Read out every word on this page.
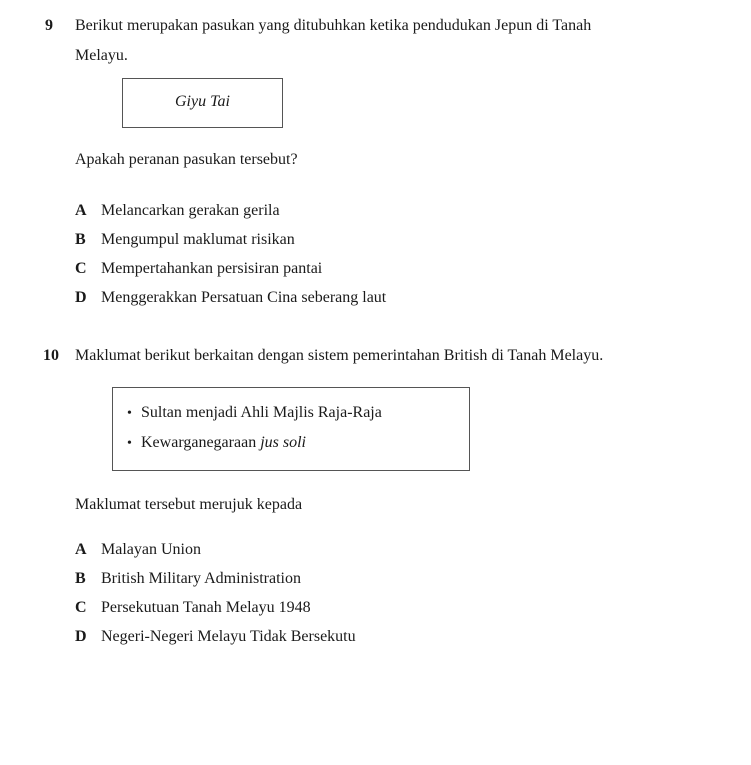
9 Berikut merupakan pasukan yang ditubuhkan ketika pendudukan Jepun di Tanah
Melayu.
Giyu Tai
Apakah peranan pasukan tersebut?
A Melancarkan gerakan gerila
B Mengumpul maklumat risikan
C Mempertahankan persisiran pantai
D Menggerakkan Persatuan Cina seberang laut
10 Maklumat berikut berkaitan dengan sistem pemerintahan British di Tanah Melayu.
• Sultan menjadi Ahli Majlis Raja-Raja
• Kewarganegaraan jus soli
Maklumat tersebut merujuk kepada
A Malayan Union
B British Military Administration
C Persekutuan Tanah Melayu 1948
D Negeri-Negeri Melayu Tidak Bersekutu
